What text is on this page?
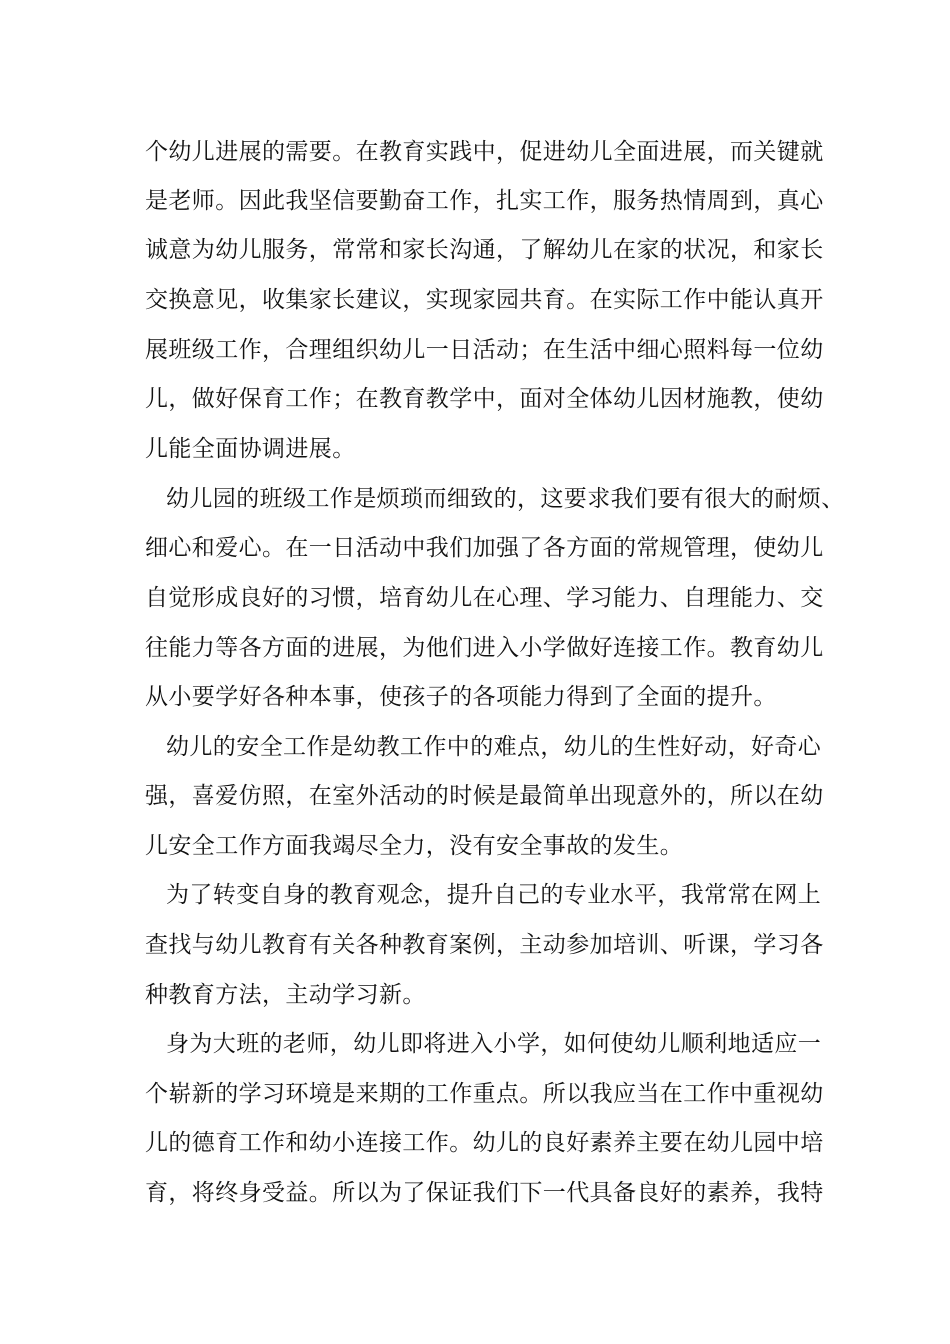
个幼儿进展的需要。在教育实践中，促进幼儿全面进展，而关键就
是老师。因此我坚信要勤奋工作，扎实工作，服务热情周到，真心
诚意为幼儿服务，常常和家长沟通，了解幼儿在家的状况，和家长
交换意见，收集家长建议，实现家园共育。在实际工作中能认真开
展班级工作，合理组织幼儿一日活动；在生活中细心照料每一位幼
儿，做好保育工作；在教育教学中，面对全体幼儿因材施教，使幼
儿能全面协调进展。
幼儿园的班级工作是烦琐而细致的，这要求我们要有很大的耐烦、
细心和爱心。在一日活动中我们加强了各方面的常规管理，使幼儿
自觉形成良好的习惯，培育幼儿在心理、学习能力、自理能力、交
往能力等各方面的进展，为他们进入小学做好连接工作。教育幼儿
从小要学好各种本事，使孩子的各项能力得到了全面的提升。
幼儿的安全工作是幼教工作中的难点，幼儿的生性好动，好奇心
强，喜爱仿照，在室外活动的时候是最简单出现意外的，所以在幼
儿安全工作方面我竭尽全力，没有安全事故的发生。
为了转变自身的教育观念，提升自己的专业水平，我常常在网上
查找与幼儿教育有关各种教育案例，主动参加培训、听课，学习各
种教育方法，主动学习新。
身为大班的老师，幼儿即将进入小学，如何使幼儿顺利地适应一
个崭新的学习环境是来期的工作重点。所以我应当在工作中重视幼
儿的德育工作和幼小连接工作。幼儿的良好素养主要在幼儿园中培
育，将终身受益。所以为了保证我们下一代具备良好的素养，我特
